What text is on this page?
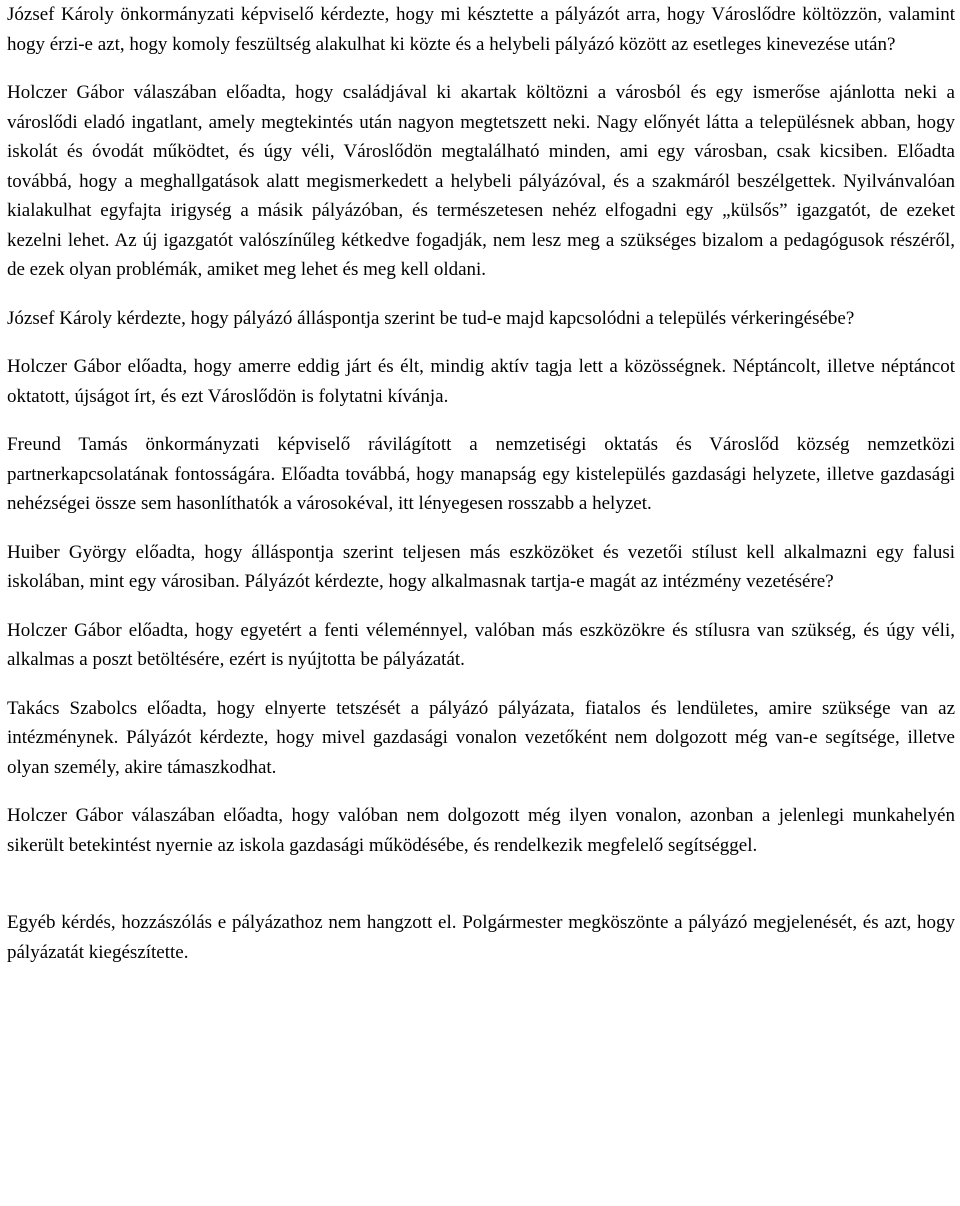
József Károly önkormányzati képviselő kérdezte, hogy mi késztette a pályázót arra, hogy Városlődre költözzön, valamint hogy érzi-e azt, hogy komoly feszültség alakulhat ki közte és a helybeli pályázó között az esetleges kinevezése után?

Holczer Gábor válaszában előadta, hogy családjával ki akartak költözni a városból és egy ismerőse ajánlotta neki a városlődi eladó ingatlant, amely megtekintés után nagyon megtetszett neki. Nagy előnyét látta a településnek abban, hogy iskolát és óvodát működtet, és úgy véli, Városlődön megtalálható minden, ami egy városban, csak kicsiben. Előadta továbbá, hogy a meghallgatások alatt megismerkedett a helybeli pályázóval, és a szakmáról beszélgettek. Nyilvánvalóan kialakulhat egyfajta irigység a másik pályázóban, és természetesen nehéz elfogadni egy „külsős” igazgatót, de ezeket kezelni lehet. Az új igazgatót valószínűleg kétkedve fogadják, nem lesz meg a szükséges bizalom a pedagógusok részéről, de ezek olyan problémák, amiket meg lehet és meg kell oldani.

József Károly kérdezte, hogy pályázó álláspontja szerint be tud-e majd kapcsolódni a település vérkeringésébe?

Holczer Gábor előadta, hogy amerre eddig járt és élt, mindig aktív tagja lett a közösségnek. Néptáncolt, illetve néptáncot oktatott, újságot írt, és ezt Városlődön is folytatni kívánja.

Freund Tamás önkormányzati képviselő rávilágított a nemzetiségi oktatás és Városlőd község nemzetközi partnerkapcsolatának fontosságára. Előadta továbbá, hogy manapság egy kistelepülés gazdasági helyzete, illetve gazdasági nehézségei össze sem hasonlíthatók a városokéval, itt lényegesen rosszabb a helyzet.

Huiber György előadta, hogy álláspontja szerint teljesen más eszközöket és vezetői stílust kell alkalmazni egy falusi iskolában, mint egy városiban. Pályázót kérdezte, hogy alkalmasnak tartja-e magát az intézmény vezetésére?

Holczer Gábor előadta, hogy egyetért a fenti véleménnyel, valóban más eszközökre és stílusra van szükség, és úgy véli, alkalmas a poszt betöltésére, ezért is nyújtotta be pályázatát.

Takács Szabolcs előadta, hogy elnyerte tetszését a pályázó pályázata, fiatalos és lendületes, amire szüksége van az intézménynek. Pályázót kérdezte, hogy mivel gazdasági vonalon vezetőként nem dolgozott még van-e segítsége, illetve olyan személy, akire támaszkodhat.

Holczer Gábor válaszában előadta, hogy valóban nem dolgozott még ilyen vonalon, azonban a jelenlegi munkahelyén sikerült betekintést nyernie az iskola gazdasági működésébe, és rendelkezik megfelelő segítséggel.

Egyéb kérdés, hozzászólás e pályázathoz nem hangzott el. Polgármester megköszönte a pályázó megjelenését, és azt, hogy pályázatát kiegészítette.
